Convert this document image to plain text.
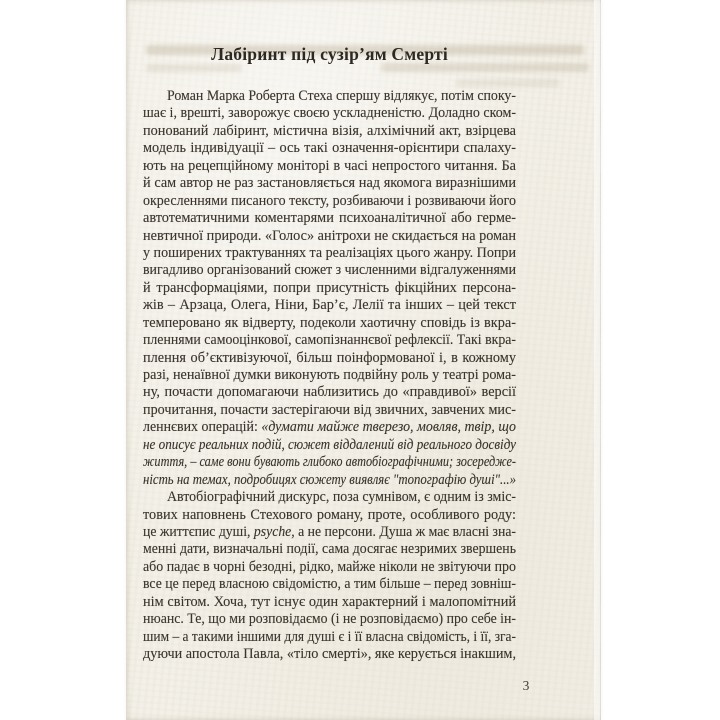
Лабіринт під сузір’ям Смерті
Роман Марка Роберта Стеха спершу відлякує, потім споку-
шає і, врешті, заворожує своєю ускладненістю. Доладно ском-
понований лабіринт, містична візія, алхімічний акт, взірцева
модель індивідуації – ось такі означення-орієнтири спалаху-
ють на рецепційному моніторі в часі непростого читання. Ба
й сам автор не раз застановляється над якомога виразнішими
окресленнями писаного тексту, розбиваючи і розвиваючи його
автотематичними коментарями психоаналітичної або герме-
невтичної природи. «Голос» анітрохи не скидається на роман
у поширених трактуваннях та реалізаціях цього жанру. Попри
вигадливо організований сюжет з численними відгалуженнями
й трансформаціями, попри присутність фікційних персона-
жів – Арзаца, Олега, Ніни, Бар’є, Лелії та інших – цей текст
темперовано як відверту, подеколи хаотичну сповідь із вкра-
пленнями самооцінкової, самопізнаннєвої рефлексії. Такі вкра-
плення об’єктивізуючої, більш поінформованої і, в кожному
разі, ненаївної думки виконують подвійну роль у театрі рома-
ну, почасти допомагаючи наблизитись до «правдивої» версії
прочитання, почасти застерігаючи від звичних, завчених мис-
леннєвих операцій: «думати майже тверезо, мовляв, твір, що
не описує реальних подій, сюжет віддалений від реального досвіду
життя, – саме вони бувають глибоко автобіографічними; зосередже-
ність на темах, подробицях сюжету виявляє "топографію душі"...»
Автобіографічний дискурс, поза сумнівом, є одним із зміс-
тових наповнень Стехового роману, проте, особливого роду:
це життєпис душі, psyche, а не персони. Душа ж має власні зна-
менні дати, визначальні події, сама досягає незримих звершень
або падає в чорні безодні, рідко, майже ніколи не звітуючи про
все це перед власною свідомістю, а тим більше – перед зовніш-
нім світом. Хоча, тут існує один характерний і малопомітний
нюанс. Те, що ми розповідаємо (і не розповідаємо) про себе ін-
шим – а такими іншими для душі є і її власна свідомість, і її, зга-
дуючи апостола Павла, «тіло смерті», яке керується інакшим,
3
